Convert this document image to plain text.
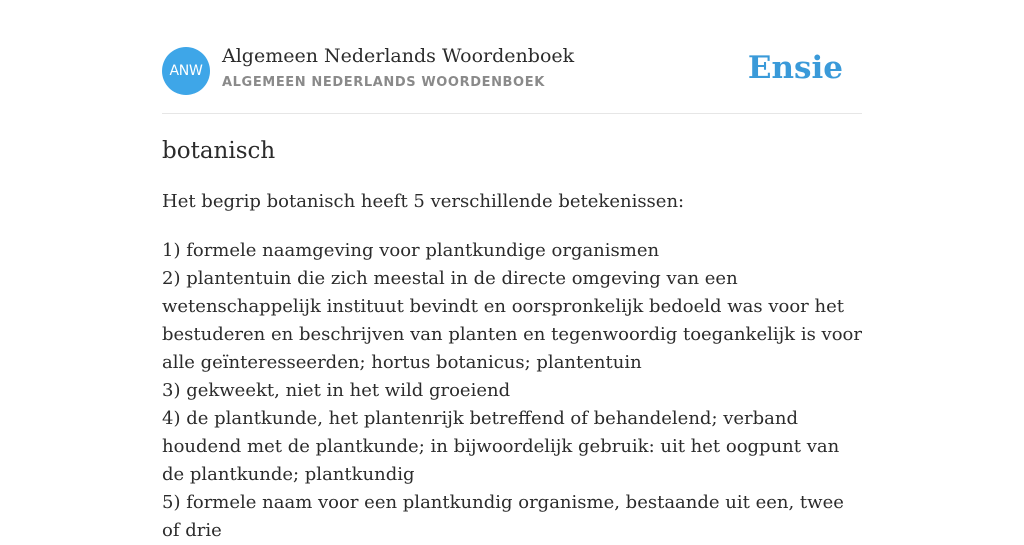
ANW
Algemeen Nederlands Woordenboek
ALGEMEEN NEDERLANDS WOORDENBOEK	Ensie
botanisch

Het begrip botanisch heeft 5 verschillende betekenissen:

1) formele naamgeving voor plantkundige organismen
2) plantentuin die zich meestal in de directe omgeving van een wetenschappelijk instituut bevindt en oorspronkelijk bedoeld was voor het bestuderen en beschrijven van planten en tegenwoordig toegankelijk is voor alle geïnteresseerden; hortus botanicus; plantentuin
3) gekweekt, niet in het wild groeiend
4) de plantkunde, het plantenrijk betreffend of behandelend; verband houdend met de plantkunde; in bijwoordelijk gebruik: uit het oogpunt van de plantkunde; plantkundig
5) formele naam voor een plantkundig organisme, bestaande uit een, twee of drie
